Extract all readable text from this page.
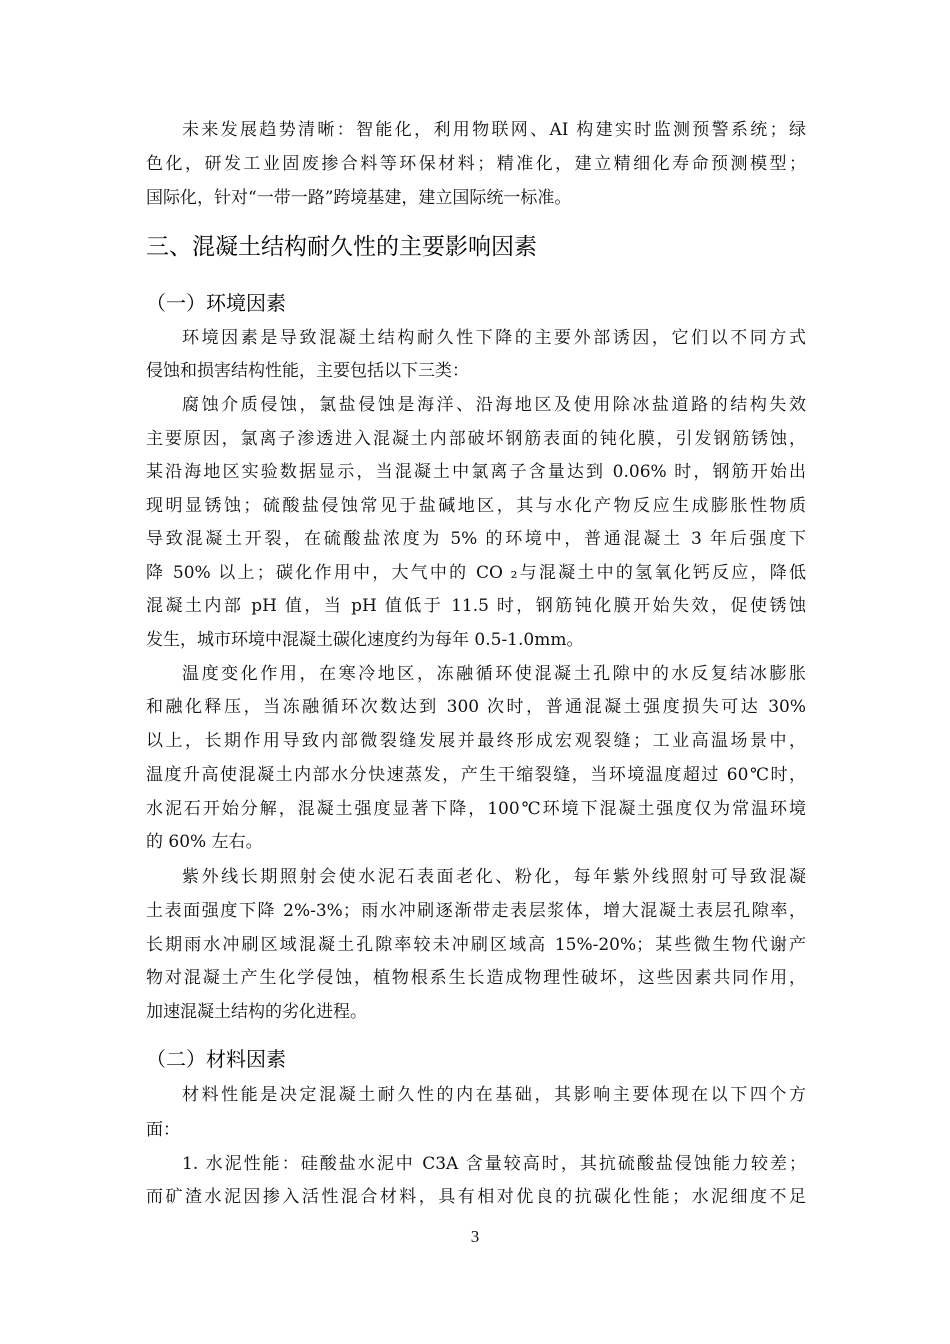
未来发展趋势清晰：智能化，利用物联网、AI 构建实时监测预警系统；绿
色化，研发工业固废掺合料等环保材料；精准化，建立精细化寿命预测模型；
国际化，针对“一带一路”跨境基建，建立国际统一标准。
三、混凝土结构耐久性的主要影响因素
（一）环境因素
环境因素是导致混凝土结构耐久性下降的主要外部诱因，它们以不同方式
侵蚀和损害结构性能，主要包括以下三类：
腐蚀介质侵蚀，氯盐侵蚀是海洋、沿海地区及使用除冰盐道路的结构失效
主要原因，氯离子渗透进入混凝土内部破坏钢筋表面的钝化膜，引发钢筋锈蚀，
某沿海地区实验数据显示，当混凝土中氯离子含量达到 0.06% 时，钢筋开始出
现明显锈蚀；硫酸盐侵蚀常见于盐碱地区，其与水化产物反应生成膨胀性物质
导致混凝土开裂，在硫酸盐浓度为 5% 的环境中，普通混凝土 3 年后强度下
降 50% 以上；碳化作用中，大气中的 CO ₂与混凝土中的氢氧化钙反应，降低
混凝土内部 pH 值，当 pH 值低于 11.5 时，钢筋钝化膜开始失效，促使锈蚀
发生，城市环境中混凝土碳化速度约为每年 0.5-1.0mm。
温度变化作用，在寒冷地区，冻融循环使混凝土孔隙中的水反复结冰膨胀
和融化释压，当冻融循环次数达到 300 次时，普通混凝土强度损失可达 30%
以上，长期作用导致内部微裂缝发展并最终形成宏观裂缝；工业高温场景中，
温度升高使混凝土内部水分快速蒸发，产生干缩裂缝，当环境温度超过 60℃时，
水泥石开始分解，混凝土强度显著下降，100℃环境下混凝土强度仅为常温环境
的 60% 左右。
紫外线长期照射会使水泥石表面老化、粉化，每年紫外线照射可导致混凝
土表面强度下降 2%-3%；雨水冲刷逐渐带走表层浆体，增大混凝土表层孔隙率，
长期雨水冲刷区域混凝土孔隙率较未冲刷区域高 15%-20%；某些微生物代谢产
物对混凝土产生化学侵蚀，植物根系生长造成物理性破坏，这些因素共同作用，
加速混凝土结构的劣化进程。
（二）材料因素
材料性能是决定混凝土耐久性的内在基础，其影响主要体现在以下四个方
面：
1. 水泥性能：硅酸盐水泥中 C3A 含量较高时，其抗硫酸盐侵蚀能力较差；
而矿渣水泥因掺入活性混合材料，具有相对优良的抗碳化性能；水泥细度不足
3
